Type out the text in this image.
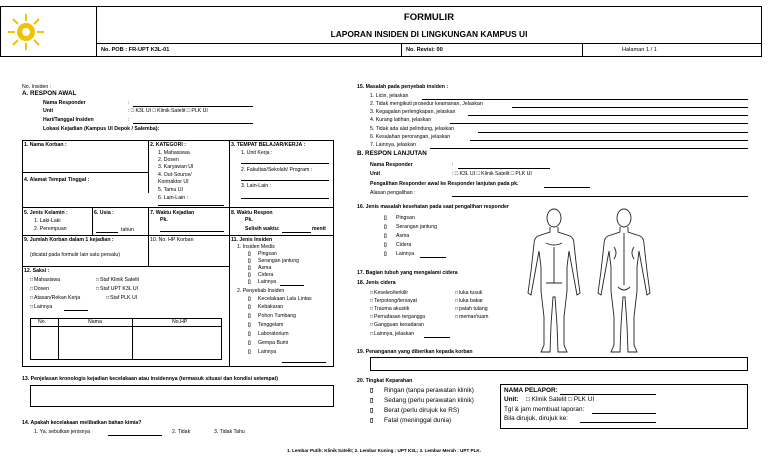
FORMULIR
LAPORAN INSIDEN DI LINGKUNGAN KAMPUS UI
No. POB : FR-UPT K3L-01	No. Revisi: 00	Halaman 1 / 1
No. Insiden :
A. RESPON AWAL
Nama Responder	:
Unit	: □ K3L UI □ Klinik Satelit □ PLK UI
Hari/Tanggal Insiden	:
Lokasi Kejadian (Kampus UI Depok / Salemba):
1. Nama Korban :	2. KATEGORI :
1. Mahasiswa
2. Dosen
3. Karyawan UI
4. Out-Source/
Kontraktor UI
5. Tamu UI
6. Lain-Lain :
3. TEMPAT BELAJAR/KERJA :
1. Unit Kerja :
2. Fakultas/Sekolah/ Program :
3. Lain-Lain :
4. Alamat Tempat Tinggal :
5. Jenis Kelamin :
1. Laki-Laki
2. Perempuan
6. Usia :
tahun
7. Waktu Kejadian
Pk.
8. Waktu Respon
Pk.
Selisih waktu:	menit
9. Jumlah Korban dalam 1 kejadian :
(dicatat pada formulir lain satu persatu)
10. No. HP Korban	11. Jenis Insiden
1. Insiden Medis
▯ Pingsan
▯ Serangan jantung
▯ Asma
▯ Cidera
▯ Lainnya
2. Penyebab Insiden
▯ Kecelakaan Lalu Lintas
▯ Kebakaran
▯ Pohon Tumbang
▯ Tenggelam
▯ Laboratorium
▯ Gempa Bumi
▯ Lainnya
12. Saksi :
□ Mahasiswa
□ Dosen
□ Atasan/Rekan Kerja
□ Lainnya
□ Staf Klinik Satelit
□ Staf UPT K3L UI
□ Staf PLK UI
No.	Nama	No.HP
13. Penjelasan kronologis kejadian kecelakaan atau insidennya (termasuk situasi dan kondisi setempat)
14. Apakah kecelakaan melibatkan bahan kimia?
1. Ya, sebutkan jenisnya	2. Tidak	3. Tidak Tahu
15. Masalah pada penyebab insiden :
1. Licin, jelaskan
2. Tidak mengikuti prosedur keamanan, Jelaskan
3. Kegagalan perlengkapan, jelaskan
4. Kurang latihan, jelaskan
5. Tidak ada alat pelindung, jelaskan
6. Kesalahan perorangan, jelaskan
7. Lainnya, jelaskan
B. RESPON LANJUTAN
Nama Responder	:
Unit	: □ K3L UI □ Klinik Satelit □ PLK UI
Pengalihan Responder awal ke Responder lanjutan pada pk.
Alasan pengalihan :
16. Jenis masalah kesehatan pada saat pengalihan responder
▯ Pingsan
▯ Serangan jantung
▯ Asma
▯ Cidera
▯ Lainnya
17. Bagian tubuh yang mengalami cidera
18. Jenis cidera
□ Keseleo/terkilir
□ Terpotong/tersayat
□ Trauma akustik
□ Pernafasan terganggu
□ Gangguan kesadaran
□ Lainnya, jelaskan
□ luka tusuk
□ luka bakar
□ patah tulang
□ memar/ruam
19. Penanganan yang diberikan kepada korban
20. Tingkat Keparahan
▯ Ringan (tanpa perawatan klinik)
▯ Sedang (perlu perawatan klinik)
▯ Berat (perlu dirujuk ke RS)
▯ Fatal (meninggal dunia)
NAMA PELAPOR:
Unit: □ Klinik Satelit □ PLK UI
Tgl & jam membuat laporan:
Bila dirujuk, dirujuk ke:
1. Lembar Putih: Klinik Satelit; 2. Lembar Kuning : UPT K3L; 3. Lembar Merah : UPT PLK.
